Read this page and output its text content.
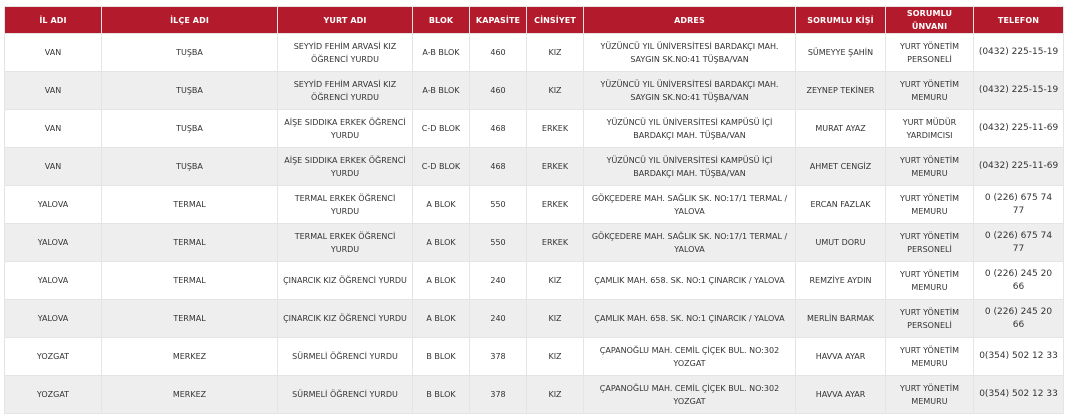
İL ADI	İLÇE ADI	YURT ADI	BLOK	KAPASİTE	CİNSİYET	ADRES	SORUMLU KİŞİ	SORUMLU ÜNVANI	TELEFON
VAN	TUŞBA	SEYYİD FEHİM ARVASİ KIZ ÖĞRENCİ YURDU	A-B BLOK	460	KIZ	YÜZÜNCÜ YIL ÜNİVERSİTESİ BARDAKÇI MAH. SAYGIN SK.NO:41 TÜŞBA/VAN	SÜMEYYE ŞAHİN	YURT YÖNETİM PERSONELİ	(0432) 225-15-19
VAN	TUŞBA	SEYYİD FEHİM ARVASİ KIZ ÖĞRENCİ YURDU	A-B BLOK	460	KIZ	YÜZÜNCÜ YIL ÜNİVERSİTESİ BARDAKÇI MAH. SAYGIN SK.NO:41 TÜŞBA/VAN	ZEYNEP TEKİNER	YURT YÖNETİM MEMURU	(0432) 225-15-19
VAN	TUŞBA	AİŞE SIDDIKA ERKEK ÖĞRENCİ YURDU	C-D BLOK	468	ERKEK	YÜZÜNCÜ YIL ÜNİVERSİTESİ KAMPÜSÜ İÇİ BARDAKÇI MAH. TÜŞBA/VAN	MURAT AYAZ	YURT MÜDÜR YARDIMCISI	(0432) 225-11-69
VAN	TUŞBA	AİŞE SIDDIKA ERKEK ÖĞRENCİ YURDU	C-D BLOK	468	ERKEK	YÜZÜNCÜ YIL ÜNİVERSİTESİ KAMPÜSÜ İÇİ BARDAKÇI MAH. TÜŞBA/VAN	AHMET CENGİZ	YURT YÖNETİM MEMURU	(0432) 225-11-69
YALOVA	TERMAL	TERMAL ERKEK ÖĞRENCİ YURDU	A BLOK	550	ERKEK	GÖKÇEDERE MAH. SAĞLIK SK. NO:17/1 TERMAL / YALOVA	ERCAN FAZLAK	YURT YÖNETİM MEMURU	0 (226) 675 74 77
YALOVA	TERMAL	TERMAL ERKEK ÖĞRENCİ YURDU	A BLOK	550	ERKEK	GÖKÇEDERE MAH. SAĞLIK SK. NO:17/1 TERMAL / YALOVA	UMUT DORU	YURT YÖNETİM PERSONELİ	0 (226) 675 74 77
YALOVA	TERMAL	ÇINARCIK KIZ ÖĞRENCİ YURDU	A BLOK	240	KIZ	ÇAMLIK MAH. 658. SK. NO:1 ÇINARCIK / YALOVA	REMZİYE AYDIN	YURT YÖNETİM MEMURU	0 (226) 245 20 66
YALOVA	TERMAL	ÇINARCIK KIZ ÖĞRENCİ YURDU	A BLOK	240	KIZ	ÇAMLIK MAH. 658. SK. NO:1 ÇINARCIK / YALOVA	MERLİN BARMAK	YURT YÖNETİM PERSONELİ	0 (226) 245 20 66
YOZGAT	MERKEZ	SÜRMELİ ÖĞRENCİ YURDU	B BLOK	378	KIZ	ÇAPANOĞLU MAH. CEMİL ÇİÇEK BUL. NO:302 YOZGAT	HAVVA AYAR	YURT YÖNETİM MEMURU	0(354) 502 12 33
YOZGAT	MERKEZ	SÜRMELİ ÖĞRENCİ YURDU	B BLOK	378	KIZ	ÇAPANOĞLU MAH. CEMİL ÇİÇEK BUL. NO:302 YOZGAT	HAVVA AYAR	YURT YÖNETİM MEMURU	0(354) 502 12 33
